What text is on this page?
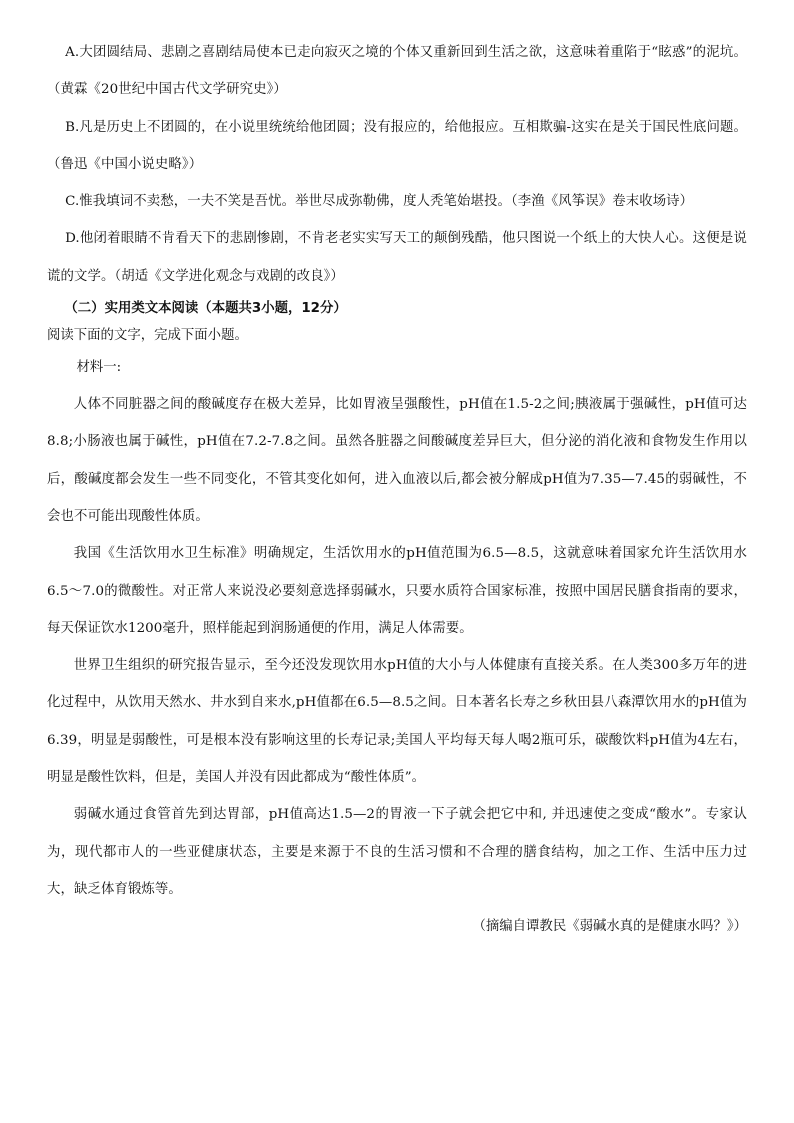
A.大团圆结局、悲剧之喜剧结局使本已走向寂灭之境的个体又重新回到生活之欲，这意味着重陷于“眩惑”的泥坑。（黄霖《20世纪中国古代文学研究史》）

B.凡是历史上不团圆的，在小说里统统给他团圆；没有报应的，给他报应。互相欺骗-这实在是关于国民性底问题。（鲁迅《中国小说史略》）

C.惟我填词不卖愁，一夫不笑是吾忧。举世尽成弥勒佛，度人秃笔始堪投。（李渔《风筝误》卷末收场诗）

D.他闭着眼睛不肯看天下的悲剧惨剧，不肯老老实实写天工的颠倒残酷，他只图说一个纸上的大快人心。这便是说谎的文学。（胡适《文学进化观念与戏剧的改良》）

（二）实用类文本阅读（本题共3小题，12分）

阅读下面的文字，完成下面小题。

材料一:

人体不同脏器之间的酸碱度存在极大差异，比如胃液呈强酸性，pH值在1.5-2之间;胰液属于强碱性，pH值可达8.8;小肠液也属于碱性，pH值在7.2-7.8之间。虽然各脏器之间酸碱度差异巨大，但分泌的消化液和食物发生作用以后，酸碱度都会发生一些不同变化，不管其变化如何，进入血液以后,都会被分解成pH值为7.35—7.45的弱碱性，不会也不可能出现酸性体质。

我国《生活饮用水卫生标准》明确规定，生活饮用水的pH值范围为6.5—8.5，这就意味着国家允许生活饮用水6.5～7.0的微酸性。对正常人来说没必要刻意选择弱碱水，只要水质符合国家标准，按照中国居民膳食指南的要求，每天保证饮水1200毫升，照样能起到润肠通便的作用，满足人体需要。

世界卫生组织的研究报告显示，至今还没发现饮用水pH值的大小与人体健康有直接关系。在人类300多万年的进化过程中，从饮用天然水、井水到自来水,pH值都在6.5—8.5之间。日本著名长寿之乡秋田县八森潭饮用水的pH值为6.39，明显是弱酸性，可是根本没有影响这里的长寿记录;美国人平均每天每人喝2瓶可乐，碳酸饮料pH值为4左右，明显是酸性饮料，但是，美国人并没有因此都成为“酸性体质”。

弱碱水通过食管首先到达胃部，pH值高达1.5—2的胃液一下子就会把它中和, 并迅速使之变成“酸水”。专家认为，现代都市人的一些亚健康状态，主要是来源于不良的生活习惯和不合理的膳食结构，加之工作、生活中压力过大，缺乏体育锻炼等。

（摘编自谭教民《弱碱水真的是健康水吗？》）
